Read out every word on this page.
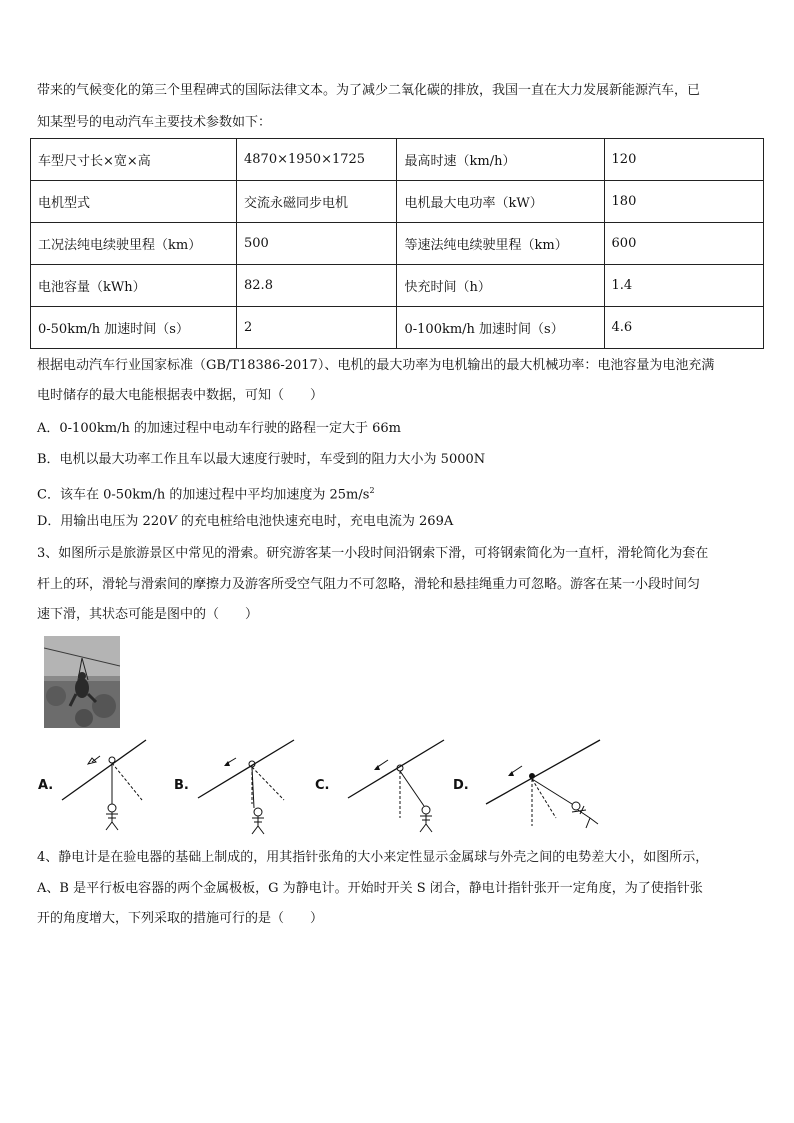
带来的气候变化的第三个里程碑式的国际法律文本。为了减少二氧化碳的排放，我国一直在大力发展新能源汽车，已
知某型号的电动汽车主要技术参数如下：
车型尺寸长×宽×高	4870×1950×1725	最高时速（km/h）	120
电机型式	交流永磁同步电机	电机最大电功率（kW）	180
工况法纯电续驶里程（km）	500	等速法纯电续驶里程（km）	600
电池容量（kWh）	82.8	快充时间（h）	1.4
0-50km/h 加速时间（s）	2	0-100km/h 加速时间（s）	4.6
根据电动汽车行业国家标准（GB/T18386-2017）、电机的最大功率为电机输出的最大机械功率：电池容量为电池充满
电时储存的最大电能根据表中数据，可知（　　）
A．0-100km/h 的加速过程中电动车行驶的路程一定大于 66m
B．电机以最大功率工作且车以最大速度行驶时，车受到的阻力大小为 5000N
C．该车在 0-50km/h 的加速过程中平均加速度为 $25m/s^2$
D．用输出电压为 220V 的充电桩给电池快速充电时，充电电流为 269A
3、如图所示是旅游景区中常见的滑索。研究游客某一小段时间沿钢索下滑，可将钢索简化为一直杆，滑轮简化为套在
杆上的环，滑轮与滑索间的摩擦力及游客所受空气阻力不可忽略，滑轮和悬挂绳重力可忽略。游客在某一小段时间匀
速下滑，其状态可能是图中的（　　）
A.	B.	C.	D.
4、静电计是在验电器的基础上制成的，用其指针张角的大小来定性显示金属球与外壳之间的电势差大小，如图所示，
A、B 是平行板电容器的两个金属极板，G 为静电计。开始时开关 S 闭合，静电计指针张开一定角度，为了使指针张
开的角度增大，下列采取的措施可行的是（　　）
